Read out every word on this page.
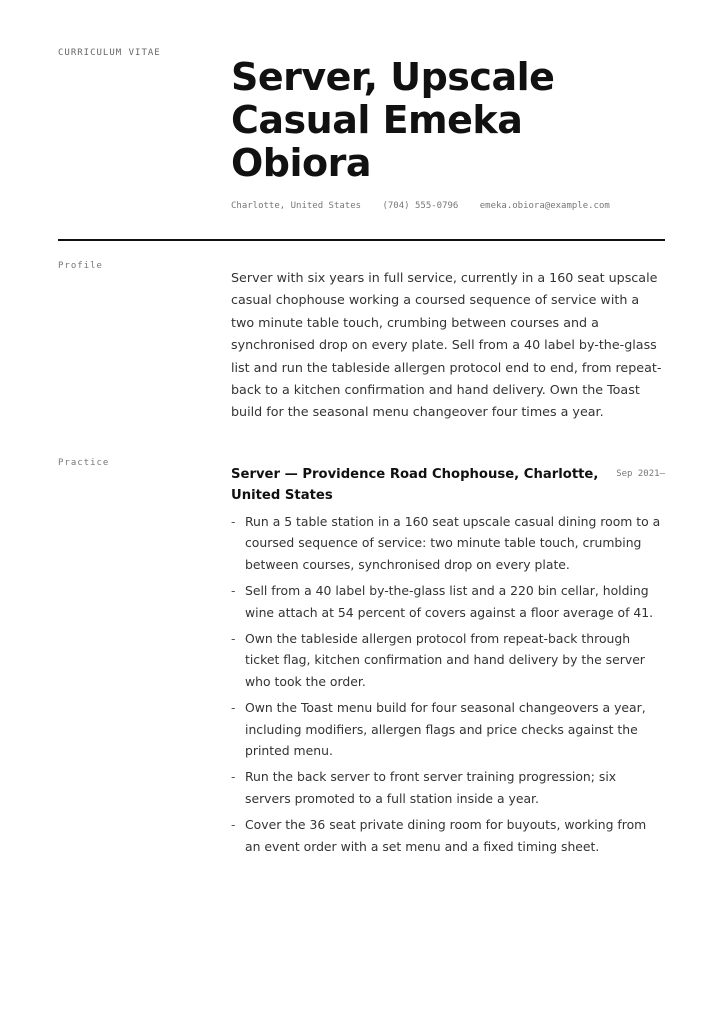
CURRICULUM VITAE
Server, Upscale Casual Emeka Obiora
Charlotte, United States (704) 555-0796 emeka.obiora@example.com
Profile

Server with six years in full service, currently in a 160 seat upscale casual chophouse working a coursed sequence of service with a two minute table touch, crumbing between courses and a synchronised drop on every plate. Sell from a 40 label by-the-glass list and run the tableside allergen protocol end to end, from repeat-back to a kitchen confirmation and hand delivery. Own the Toast build for the seasonal menu changeover four times a year.

Practice
Server — Providence Road Chophouse, Charlotte, United States
Sep 2021–
- Run a 5 table station in a 160 seat upscale casual dining room to a coursed sequence of service: two minute table touch, crumbing between courses, synchronised drop on every plate.
- Sell from a 40 label by-the-glass list and a 220 bin cellar, holding wine attach at 54 percent of covers against a floor average of 41.
- Own the tableside allergen protocol from repeat-back through ticket flag, kitchen confirmation and hand delivery by the server who took the order.
- Own the Toast menu build for four seasonal changeovers a year, including modifiers, allergen flags and price checks against the printed menu.
- Run the back server to front server training progression; six servers promoted to a full station inside a year.
- Cover the 36 seat private dining room for buyouts, working from an event order with a set menu and a fixed timing sheet.
